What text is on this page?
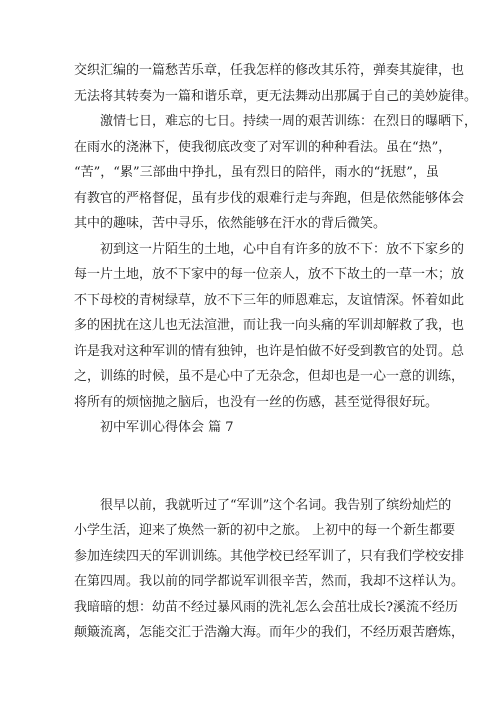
交织汇编的一篇愁苦乐章，任我怎样的修改其乐符，弹奏其旋律，也
无法将其转奏为一篇和谐乐章，更无法舞动出那属于自己的美妙旋律。
激情七日，难忘的七日。持续一周的艰苦训练：在烈日的曝晒下，
在雨水的浇淋下，使我彻底改变了对军训的种种看法。虽在“热”，
“苦”，“累”三部曲中挣扎，虽有烈日的陪伴，雨水的“抚慰”，虽
有教官的严格督促，虽有步伐的艰难行走与奔跑，但是依然能够体会
其中的趣味，苦中寻乐，依然能够在汗水的背后微笑。
初到这一片陌生的土地，心中自有许多的放不下：放不下家乡的
每一片土地，放不下家中的每一位亲人，放不下故土的一草一木；放
不下母校的青树绿草，放不下三年的师恩难忘，友谊情深。怀着如此
多的困扰在这儿也无法渲泄，而让我一向头痛的军训却解救了我，也
许是我对这种军训的情有独钟，也许是怕做不好受到教官的处罚。总
之，训练的时候，虽不是心中了无杂念，但却也是一心一意的训练，
将所有的烦恼抛之脑后，也没有一丝的伤感，甚至觉得很好玩。
初中军训心得体会 篇 7
很早以前，我就听过了“军训”这个名词。我告别了缤纷灿烂的
小学生活，迎来了焕然一新的初中之旅。 上初中的每一个新生都要
参加连续四天的军训训练。其他学校已经军训了，只有我们学校安排
在第四周。我以前的同学都说军训很辛苦，然而，我却不这样认为。
我暗暗的想：幼苗不经过暴风雨的洗礼怎么会茁壮成长?溪流不经历
颠簸流离，怎能交汇于浩瀚大海。而年少的我们，不经历艰苦磨炼，
